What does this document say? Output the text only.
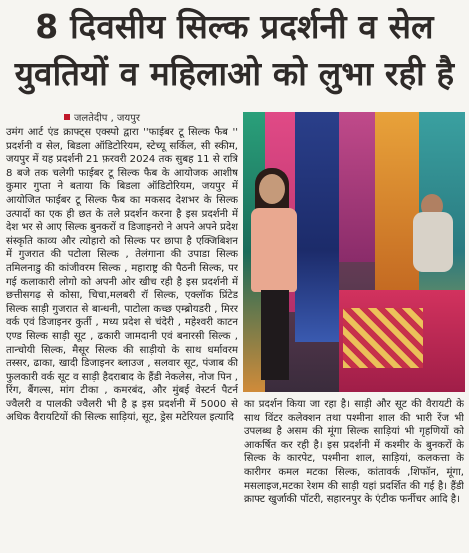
8 दिवसीय सिल्क प्रदर्शनी व सेल
युवतियों व महिलाओ को लुभा रही है
जलतेदीप , जयपुर
उमंग आर्ट एंड क्राफ्ट्स एक्स्पो द्वारा ''फाईबर टू सिल्क फैब '' प्रदर्शनी व सेल, बिडला ऑडिटोरियम, स्टेच्यू सर्किल, सी स्कीम, जयपुर में यह प्रदर्शनी 21 फ़रवरी 2024 तक सुबह 11 से रात्रि 8 बजे तक चलेगी फाईबर टू सिल्क फैब के आयोजक आशीष कुमार गुप्ता ने बताया कि बिडला ऑडिटोरियम, जयपुर में आयोजित फाईबर टू सिल्क फैब का मकसद देशभर के सिल्क उत्पादों का एक ही छत के तले प्रदर्शन करना है इस प्रदर्शनी में देश भर से आए सिल्क बुनकरों व डिजाइनरो ने अपने अपने प्रदेश संस्कृति काव्य और त्योहारो को सिल्क पर छापा है एक्जिबिशन में गुजरात की पटोला सिल्क , तेलंगाना की उपाडा सिल्क तमिलनाडु की कांजीवरम सिल्क , महाराष्ट्र की पैठनी सिल्क, पर गई कलाकारी लोगो को अपनी ओर खीच रही है इस प्रदर्शनी में छत्तीसगढ़ से कोसा, चिचा,मलबरी रॉ सिल्क, एक्लॉक प्रिंटेड सिल्क साड़ी गुजरात से बान्धनी, पाटोला कच्छ एम्ब्रोयडरी , मिरर वर्क एवं डिजाइनर कुर्ती , मध्य प्रदेश से चंदेरी , महेश्वरी काटन एण्ड सिल्क साड़ी सूट , ढकारी जामदानी एवं बनारसी सिल्क , तान्चोयी सिल्क, मैसूर सिल्क की साड़ीयो के साथ धर्मावरम तस्सर, ढाका, खादी डिजाइनर ब्लाउज , सलवार सूट, पंजाब की फुलकारी वर्क सूट व साड़ी हैदराबाद के हैंडी नेकलेस, नोज पिन , रिंग, बैंगल्स, मांग टीका , कमरबंद, और मुंबई वेस्टर्न पैटर्न ज्वैलरी व पालकी ज्वैलरी भी है ह्र इस प्रदर्शनी में 5000 से अधिक वैरायटियों की सिल्क साड़ियां, सूट, ड्रेस मटेरियल इत्यादि
का प्रदर्शन किया जा रहा है। साड़ी और सूट की वैरायटी के साथ विंटर कलेक्शन तथा पश्मीना शाल की भारी रेंज भी उपलब्ध है असम की मूंगा सिल्क साड़ियां भी गृहणियों को आकर्षित कर रही है। इस प्रदर्शनी में कश्मीर के बुनकरों के सिल्क के कारपेट, पश्मीना शाल, साड़ियां, कलकत्ता के कारीगर कमल मटका सिल्क, कांतावर्क ,शिफॉन, मूंगा, मसलाइज,मटका रेशम की साड़ी यहां प्रदर्शित की गई है। हैंडी क्राफ्ट खुर्जाकी पॉटरी, सहारनपुर के एंटीक फर्नीचर आदि है।
